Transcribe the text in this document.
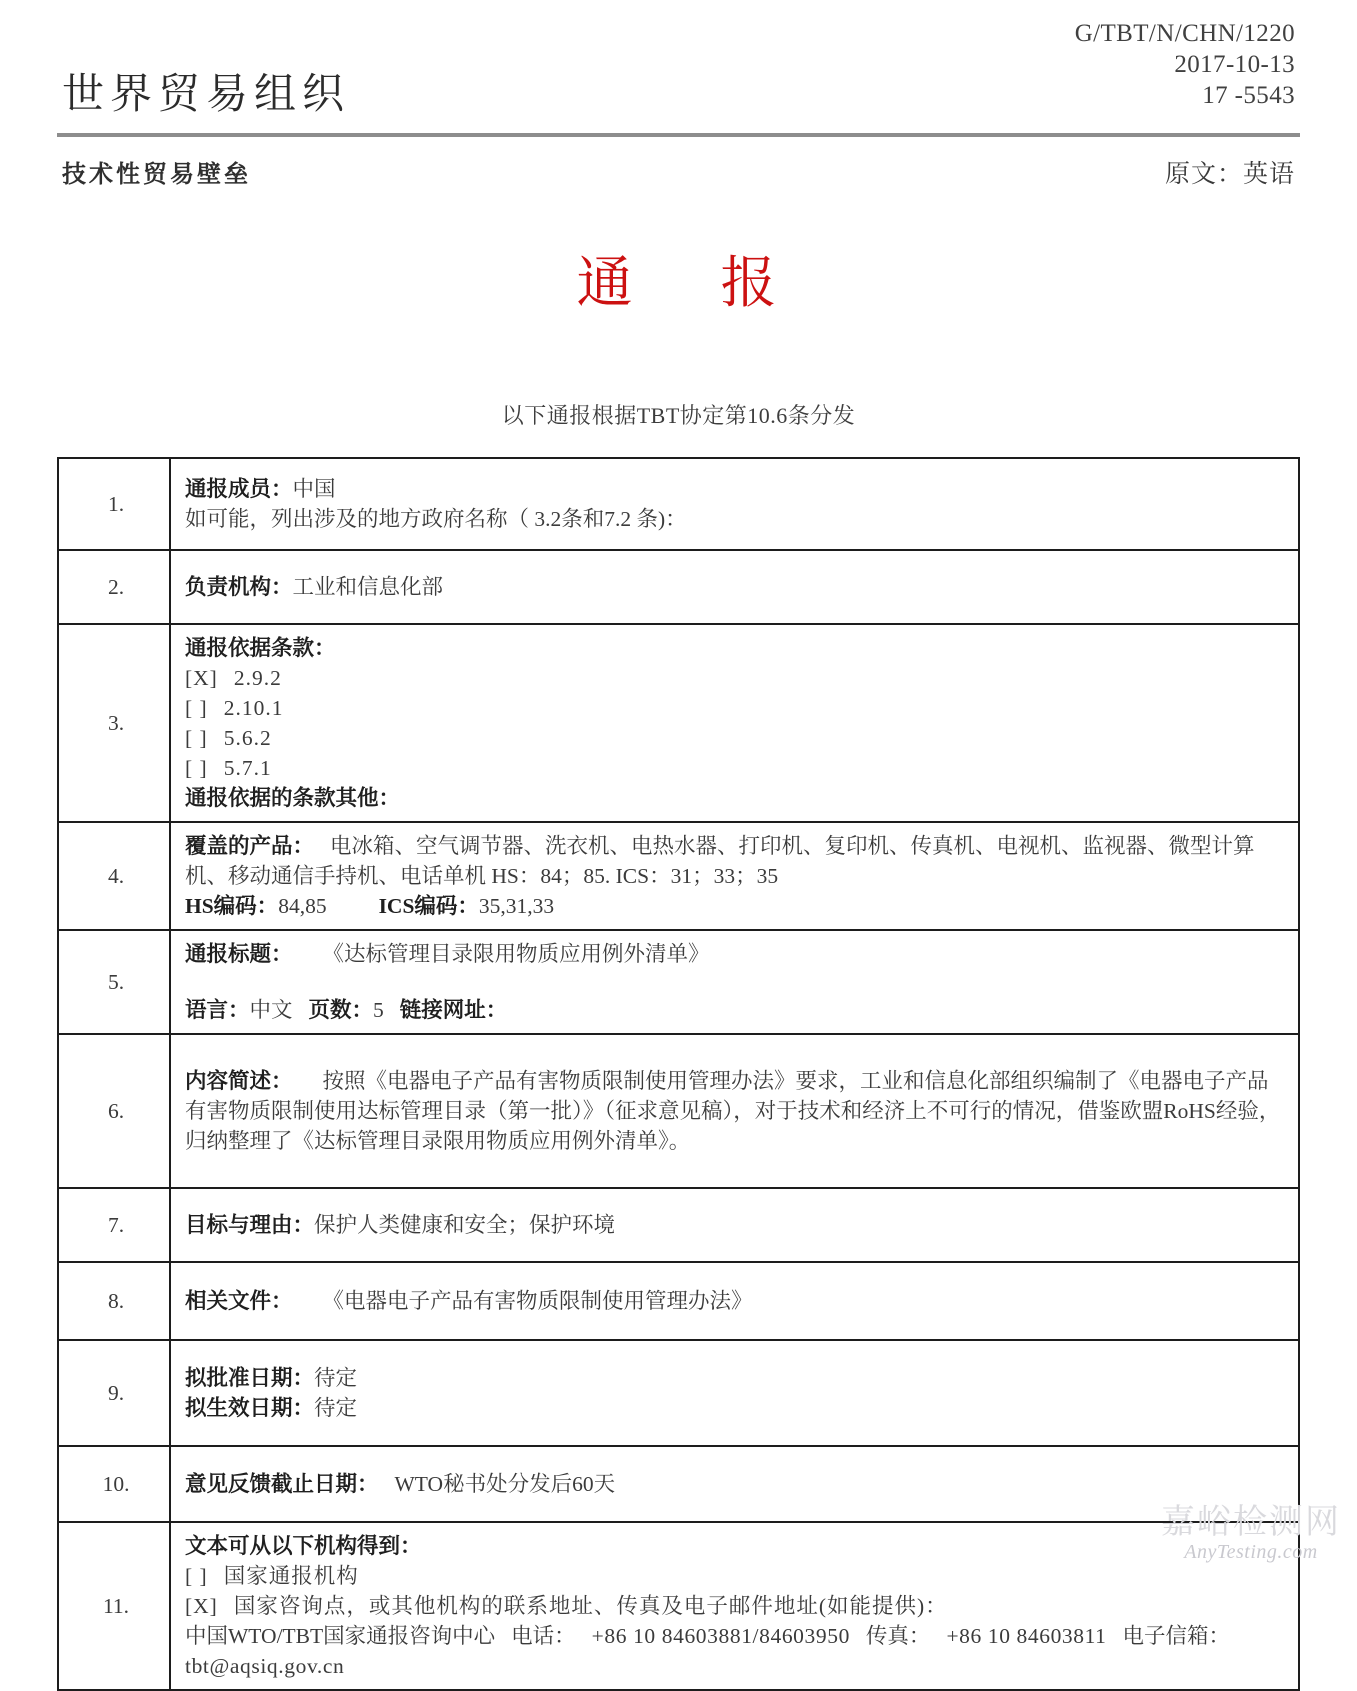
G/TBT/N/CHN/1220
2017-10-13
17 -5543
世界贸易组织
技术性贸易壁垒	原文：英语
通 报
以下通报根据TBT协定第10.6条分发
1.	通报成员：中国
如可能，列出涉及的地方政府名称（ 3.2条和7.2 条)：

2.	负责机构：工业和信息化部
3.	
通报依据条款：
[X] 2.9.2
[ ] 2.10.1
[ ] 5.6.2
[ ] 5.7.1
通报依据的条款其他：

4.	覆盖的产品： 电冰箱、空气调节器、洗衣机、电热水器、打印机、复印机、传真机、电视机、监视器、微型计算机、移动通信手持机、电话单机 HS：84；85. ICS：31；33；35
HS编码：84,85 ICS编码：35,31,33

5.	通报标题： 《达标管理目录限用物质应用例外清单》
语言：中文 页数：5 链接网址：

6.	内容简述： 按照《电器电子产品有害物质限制使用管理办法》要求，工业和信息化部组织编制了《电器电子产品有害物质限制使用达标管理目录（第一批）》（征求意见稿），对于技术和经济上不可行的情况，借鉴欧盟RoHS经验，归纳整理了《达标管理目录限用物质应用例外清单》。
7.	目标与理由：保护人类健康和安全；保护环境
8.	相关文件： 《电器电子产品有害物质限制使用管理办法》
9.	拟批准日期：待定
拟生效日期：待定

10.	意见反馈截止日期： WTO秘书处分发后60天
11.	文本可从以下机构得到：
[ ] 国家通报机构
[X] 国家咨询点，或其他机构的联系地址、传真及电子邮件地址(如能提供)：
中国WTO/TBT国家通报咨询中心 电话： +86 10 84603881/84603950 传真： +86 10 84603811 电子信箱：
tbt@aqsiq.gov.cn
嘉峪检测网
AnyTesting.com
